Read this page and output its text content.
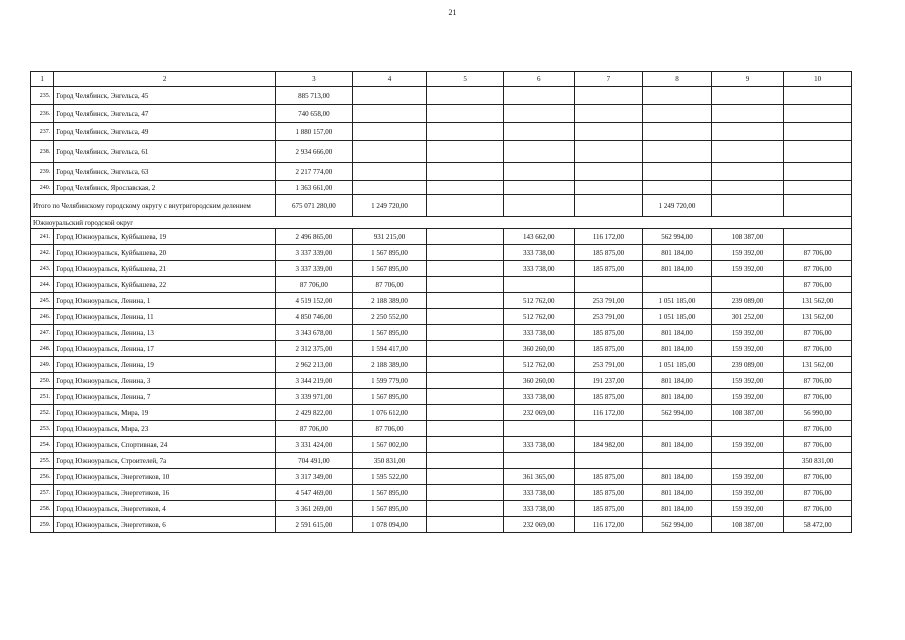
21
1	2	3	4	5	6	7	8	9	10
235.	Город Челябинск, Энгельса, 45	885 713,00							
236.	Город Челябинск, Энгельса, 47	740 658,00							
237.	Город Челябинск, Энгельса, 49	1 880 157,00							
238.	Город Челябинск, Энгельса, 61	2 934 666,00							
239.	Город Челябинск, Энгельса, 63	2 217 774,00							
240.	Город Челябинск, Ярославская, 2	1 363 661,00							
Итого по Челябинскому городскому округу с внутригородским делением		675 071 280,00	1 249 720,00				1 249 720,00		
Южноуральский городской округ									
241.	Город Южноуральск, Куйбышева, 19	2 496 865,00	931 215,00		143 662,00	116 172,00	562 994,00	108 387,00	
242.	Город Южноуральск, Куйбышева, 20	3 337 339,00	1 567 895,00		333 738,00	185 875,00	801 184,00	159 392,00	87 706,00
243.	Город Южноуральск, Куйбышева, 21	3 337 339,00	1 567 895,00		333 738,00	185 875,00	801 184,00	159 392,00	87 706,00
244.	Город Южноуральск, Куйбышева, 22	87 706,00	87 706,00						87 706,00
245.	Город Южноуральск, Ленина, 1	4 519 152,00	2 188 389,00		512 762,00	253 791,00	1 051 185,00	239 089,00	131 562,00
246.	Город Южноуральск, Ленина, 11	4 850 746,00	2 250 552,00		512 762,00	253 791,00	1 051 185,00	301 252,00	131 562,00
247.	Город Южноуральск, Ленина, 13	3 343 678,00	1 567 895,00		333 738,00	185 875,00	801 184,00	159 392,00	87 706,00
248.	Город Южноуральск, Ленина, 17	2 312 375,00	1 594 417,00		360 260,00	185 875,00	801 184,00	159 392,00	87 706,00
249.	Город Южноуральск, Ленина, 19	2 962 213,00	2 188 389,00		512 762,00	253 791,00	1 051 185,00	239 089,00	131 562,00
250.	Город Южноуральск, Ленина, 3	3 344 219,00	1 599 779,00		360 260,00	191 237,00	801 184,00	159 392,00	87 706,00
251.	Город Южноуральск, Ленина, 7	3 339 971,00	1 567 895,00		333 738,00	185 875,00	801 184,00	159 392,00	87 706,00
252.	Город Южноуральск, Мира, 19	2 429 822,00	1 076 612,00		232 069,00	116 172,00	562 994,00	108 387,00	56 990,00
253.	Город Южноуральск, Мира, 23	87 706,00	87 706,00						87 706,00
254.	Город Южноуральск, Спортивная, 24	3 331 424,00	1 567 002,00		333 738,00	184 982,00	801 184,00	159 392,00	87 706,00
255.	Город Южноуральск, Строителей, 7а	704 491,00	350 831,00						350 831,00
256.	Город Южноуральск, Энергетиков, 10	3 317 349,00	1 595 522,00		361 365,00	185 875,00	801 184,00	159 392,00	87 706,00
257.	Город Южноуральск, Энергетиков, 16	4 547 469,00	1 567 895,00		333 738,00	185 875,00	801 184,00	159 392,00	87 706,00
258.	Город Южноуральск, Энергетиков, 4	3 361 269,00	1 567 895,00		333 738,00	185 875,00	801 184,00	159 392,00	87 706,00
259.	Город Южноуральск, Энергетиков, 6	2 591 615,00	1 078 094,00		232 069,00	116 172,00	562 994,00	108 387,00	58 472,00
